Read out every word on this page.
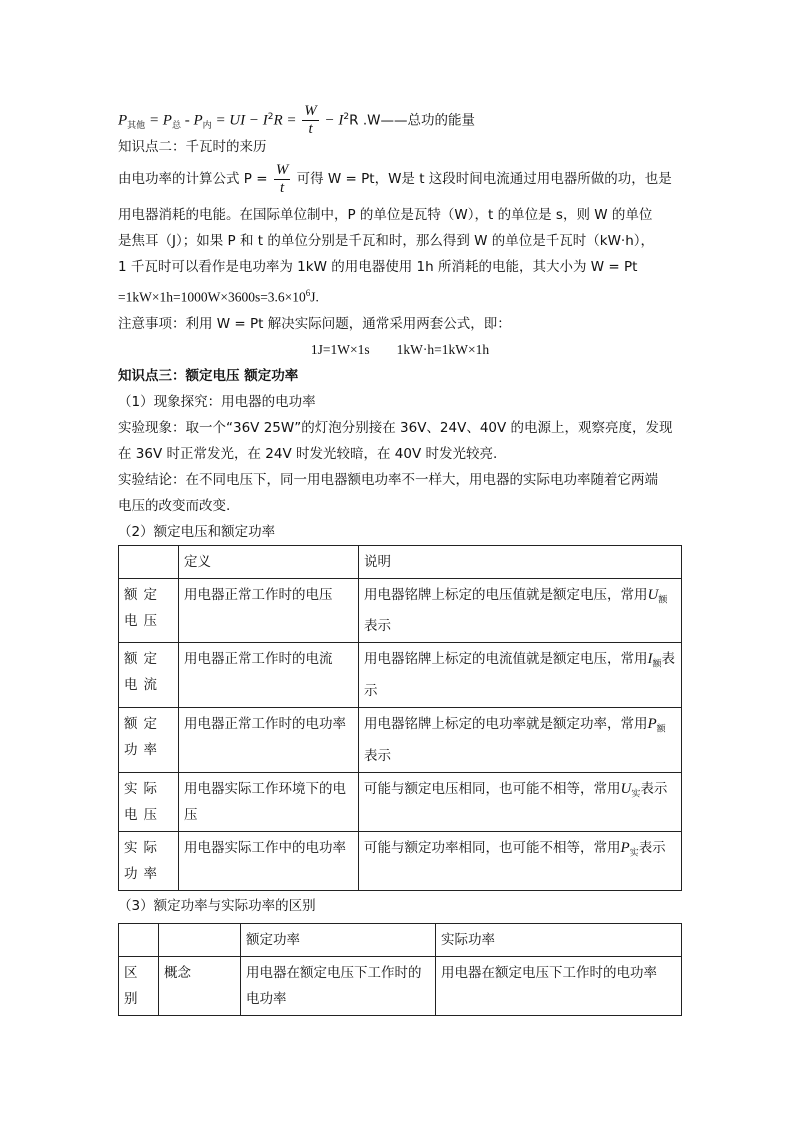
$P_{其他} = P_总 - P_内$ = UI − $I^2R = \frac{W}{t} - I^2R$ .W——总功的能量
知识点二：千瓦时的来历
由电功率的计算公式 $P = \frac{W}{t}$ 可得 W = Pt，W是 t 这段时间电流通过用电器所做的功，也是
用电器消耗的电能。在国际单位制中，P 的单位是瓦特（W），t 的单位是 s，则 W 的单位
是焦耳（J）；如果 P 和 t 的单位分别是千瓦和时，那么得到 W 的单位是千瓦时（kW·h），
1 千瓦时可以看作是电功率为 1kW 的用电器使用 1h 所消耗的电能，其大小为 W = Pt
$=1kW\times 1h=1000W\times 3600s=3.6\times 10^6J$.
注意事项：利用 W = Pt 解决实际问题，通常采用两套公式，即：
1J=1W×1s        1kW·h=1kW×1h
知识点三：额定电压 额定功率
（1）现象探究：用电器的电功率
实验现象：取一个“36V 25W”的灯泡分别接在 36V、24V、40V 的电源上，观察亮度，发现
在 36V 时正常发光，在 24V 时发光较暗，在 40V 时发光较亮.
实验结论：在不同电压下，同一用电器额电功率不一样大，用电器的实际电功率随着它两端
电压的改变而改变.
（2）额定电压和额定功率
	定义	说明
额定电压	用电器正常工作时的电压	用电器铭牌上标定的电压值就是额定电压，常用$U_额$表示
额定电流	用电器正常工作时的电流	用电器铭牌上标定的电流值就是额定电压，常用$I_额$表示
额定功率	用电器正常工作时的电功率	用电器铭牌上标定的电功率就是额定功率，常用$P_额$表示
实际电压	用电器实际工作环境下的电压	可能与额定电压相同，也可能不相等，常用$U_实$表示
实际功率	用电器实际工作中的电功率	可能与额定功率相同，也可能不相等，常用$P_实$表示
（3）额定功率与实际功率的区别
		额定功率	实际功率
区别	概念	用电器在额定电压下工作时的电功率	用电器在额定电压下工作时的电功率
